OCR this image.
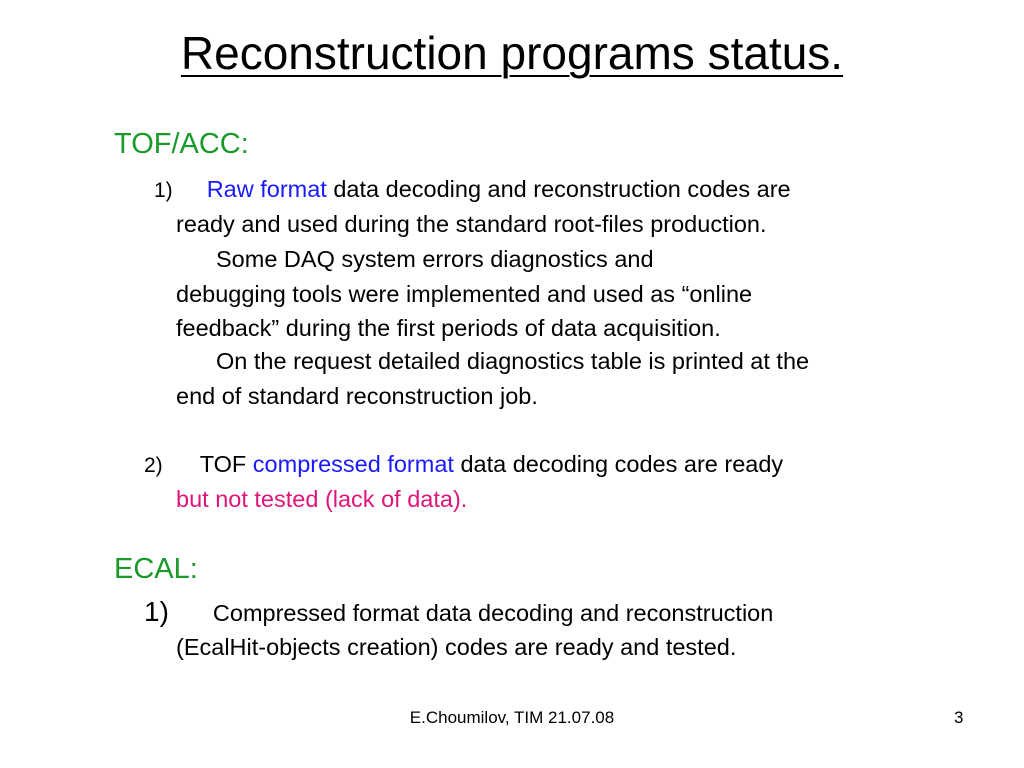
Reconstruction programs status.
TOF/ACC:
1) Raw format data decoding and reconstruction codes are
ready and used during the standard root-files production.
Some DAQ system errors diagnostics and
debugging tools were implemented and used as “online
feedback” during the first periods of data acquisition.
On the request detailed diagnostics table is printed at the
end of standard reconstruction job.
2) TOF compressed format data decoding codes are ready
but not tested (lack of data).
ECAL:
1) Compressed format data decoding and reconstruction
(EcalHit-objects creation) codes are ready and tested.
E.Choumilov, TIM 21.07.08	3
